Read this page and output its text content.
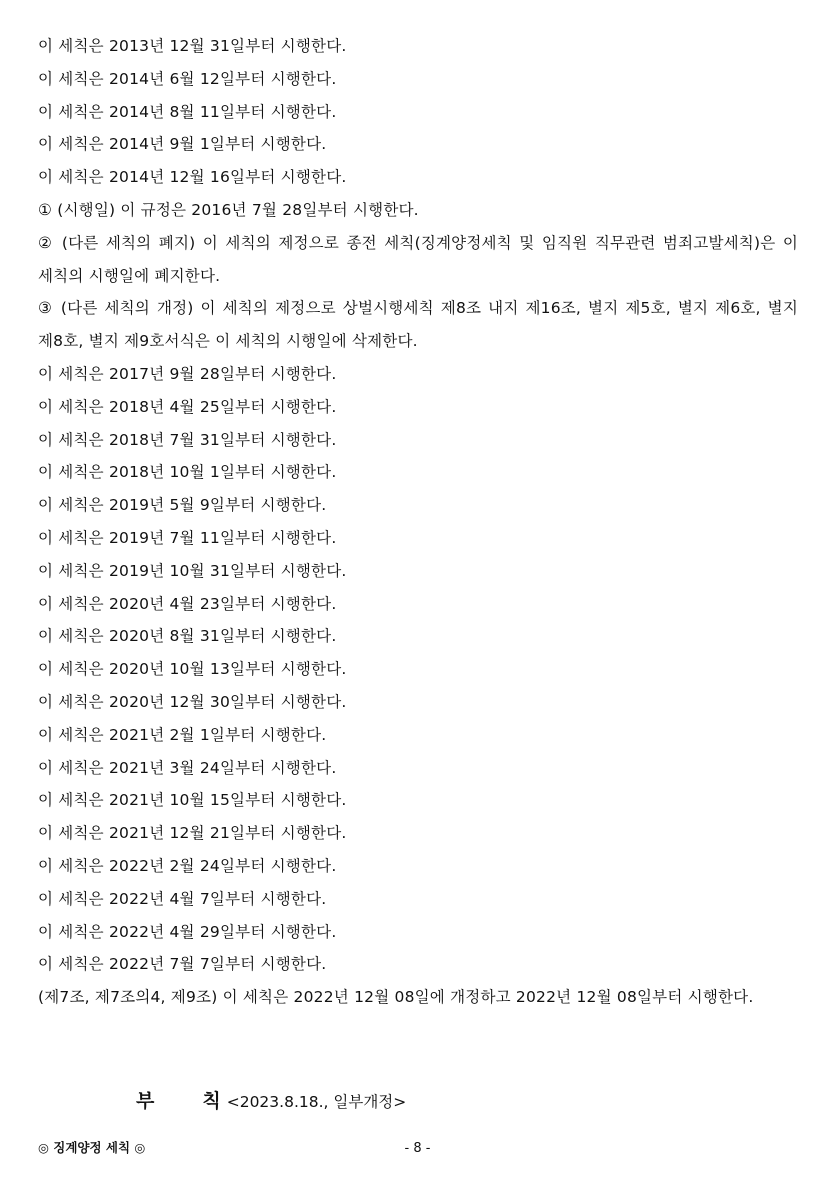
이 세칙은 2013년 12월 31일부터 시행한다.
이 세칙은 2014년 6월 12일부터 시행한다.
이 세칙은 2014년 8월 11일부터 시행한다.
이 세칙은 2014년 9월 1일부터 시행한다.
이 세칙은 2014년 12월 16일부터 시행한다.
① (시행일) 이 규정은 2016년 7월 28일부터 시행한다.
② (다른 세칙의 폐지) 이 세칙의 제정으로 종전 세칙(징계양정세칙 및 임직원 직무관련 범죄고발세칙)은 이 세칙의 시행일에 폐지한다.
③ (다른 세칙의 개정) 이 세칙의 제정으로 상벌시행세칙 제8조 내지 제16조, 별지 제5호, 별지 제6호, 별지 제8호, 별지 제9호서식은 이 세칙의 시행일에 삭제한다.
이 세칙은 2017년 9월 28일부터 시행한다.
이 세칙은 2018년 4월 25일부터 시행한다.
이 세칙은 2018년 7월 31일부터 시행한다.
이 세칙은 2018년 10월 1일부터 시행한다.
이 세칙은 2019년 5월 9일부터 시행한다.
이 세칙은 2019년 7월 11일부터 시행한다.
이 세칙은 2019년 10월 31일부터 시행한다.
이 세칙은 2020년 4월 23일부터 시행한다.
이 세칙은 2020년 8월 31일부터 시행한다.
이 세칙은 2020년 10월 13일부터 시행한다.
이 세칙은 2020년 12월 30일부터 시행한다.
이 세칙은 2021년 2월 1일부터 시행한다.
이 세칙은 2021년 3월 24일부터 시행한다.
이 세칙은 2021년 10월 15일부터 시행한다.
이 세칙은 2021년 12월 21일부터 시행한다.
이 세칙은 2022년 2월 24일부터 시행한다.
이 세칙은 2022년 4월 7일부터 시행한다.
이 세칙은 2022년 4월 29일부터 시행한다.
이 세칙은 2022년 7월 7일부터 시행한다.
(제7조, 제7조의4, 제9조) 이 세칙은 2022년 12월 08일에 개정하고 2022년 12월 08일부터 시행한다.
부	칙 <2023.8.18., 일부개정>
◎ 징계양정 세칙 ◎	- 8 -
